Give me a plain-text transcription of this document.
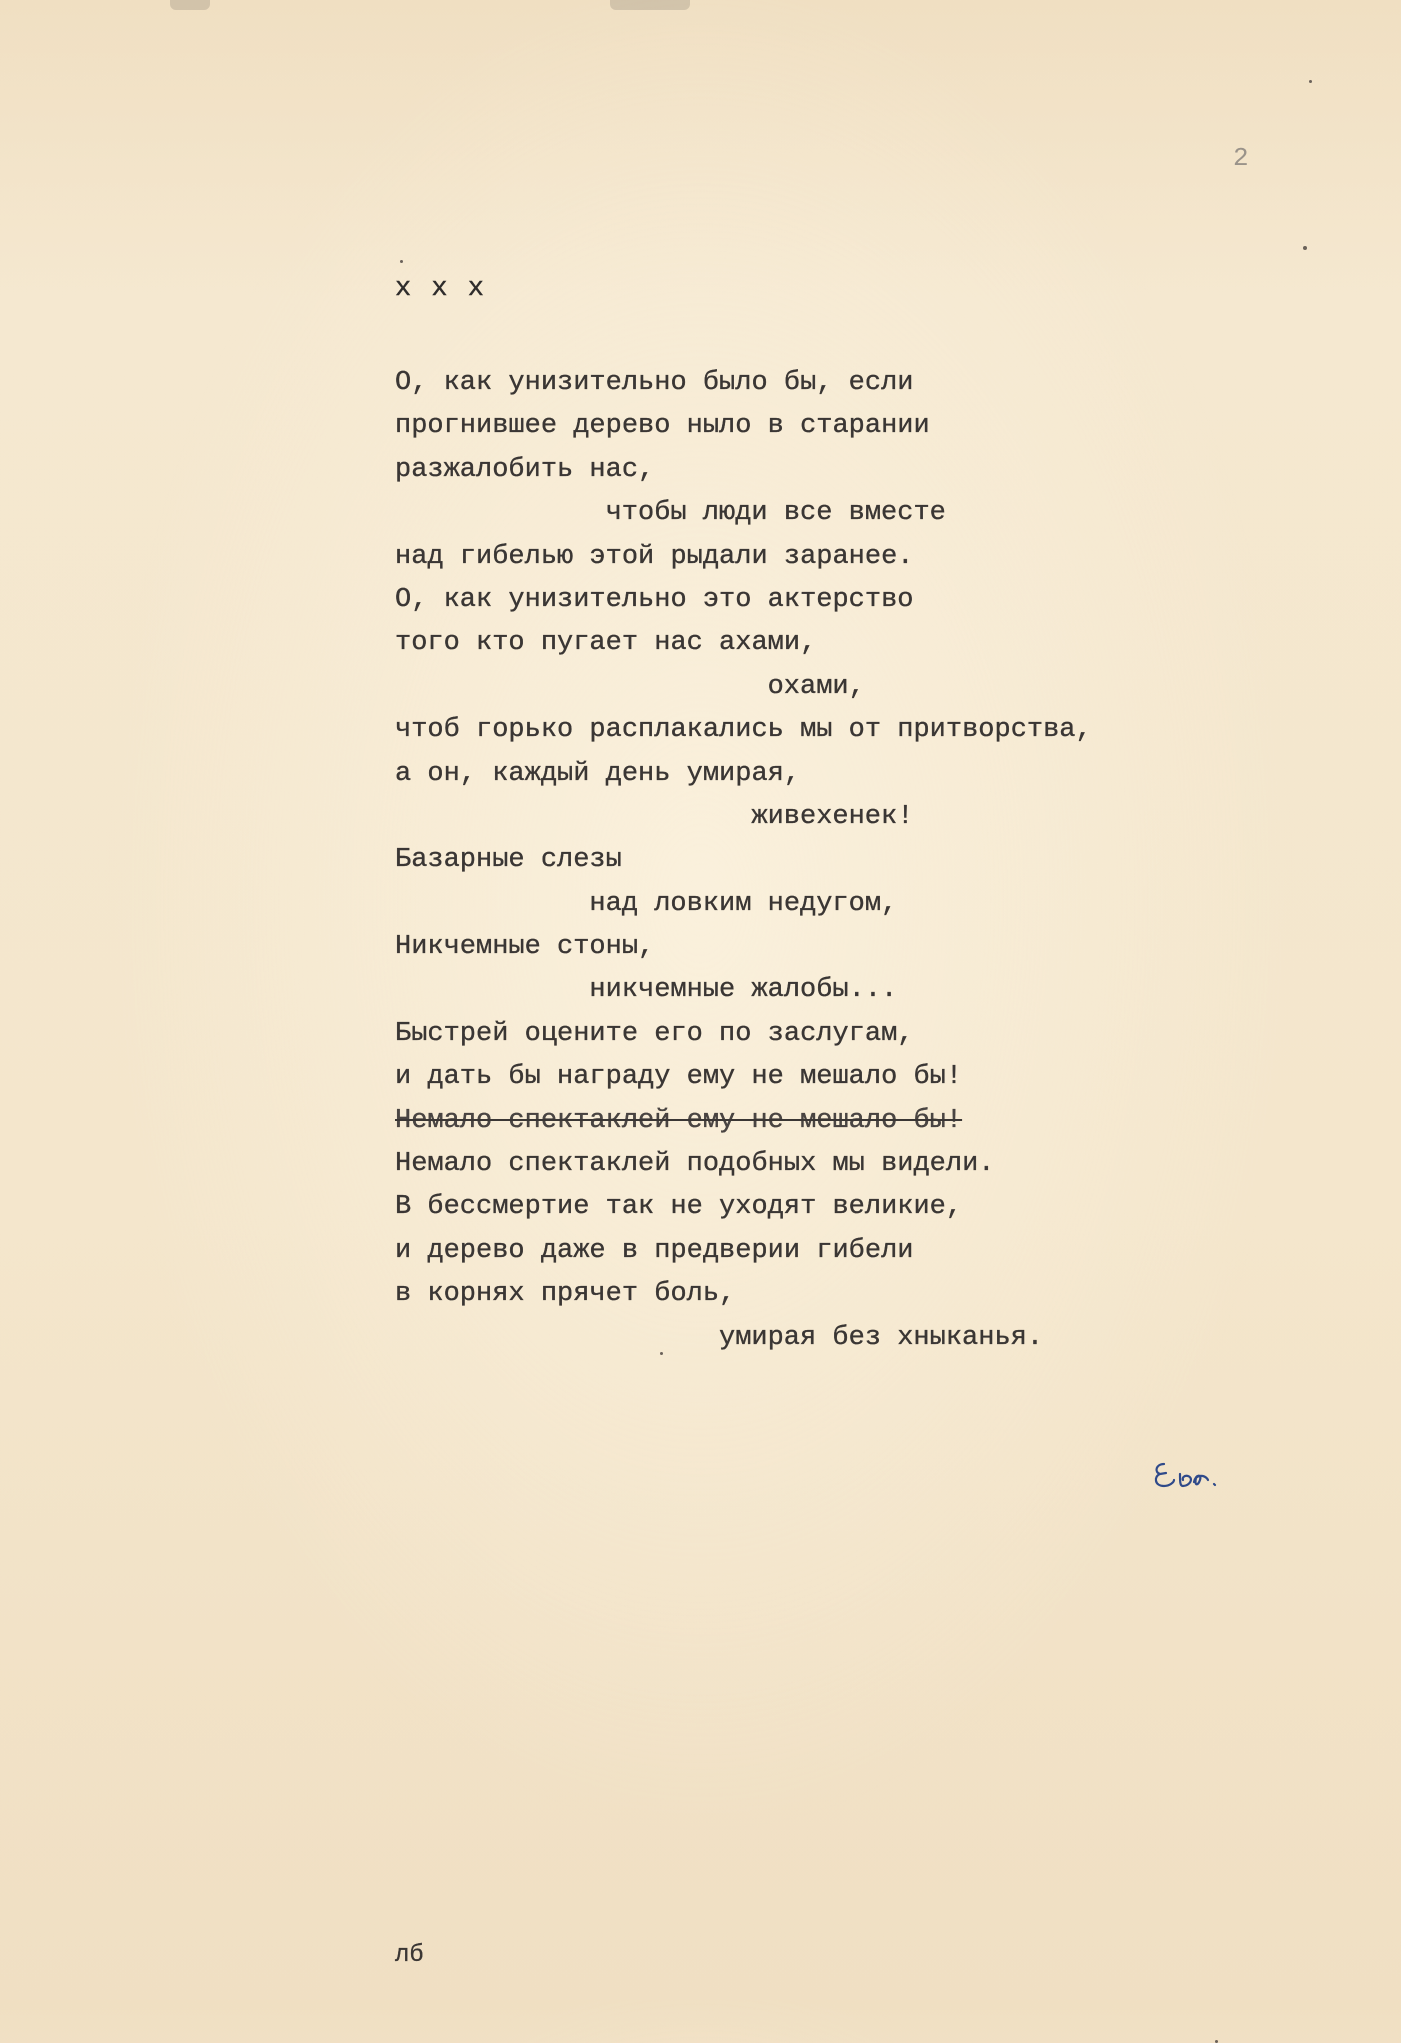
2
х х х
О, как унизительно было бы, если
прогнившее дерево ныло в старании
разжалобить нас,
чтобы люди все вместе
над гибелью этой рыдали заранее.
О, как унизительно это актерство
того кто пугает нас ахами,
охами,
чтоб горько расплакались мы от притворства,
а он, каждый день умирая,
живехенек!
Базарные слезы
над ловким недугом,
Никчемные стоны,
никчемные жалобы...
Быстрей оцените его по заслугам,
и дать бы награду ему не мешало бы!
Немало спектаклей ему не мешало бы!
Немало спектаклей подобных мы видели.
В бессмертие так не уходят великие,
и дерево даже в предверии гибели
в корнях прячет боль,
умирая без хныканья.
лб
